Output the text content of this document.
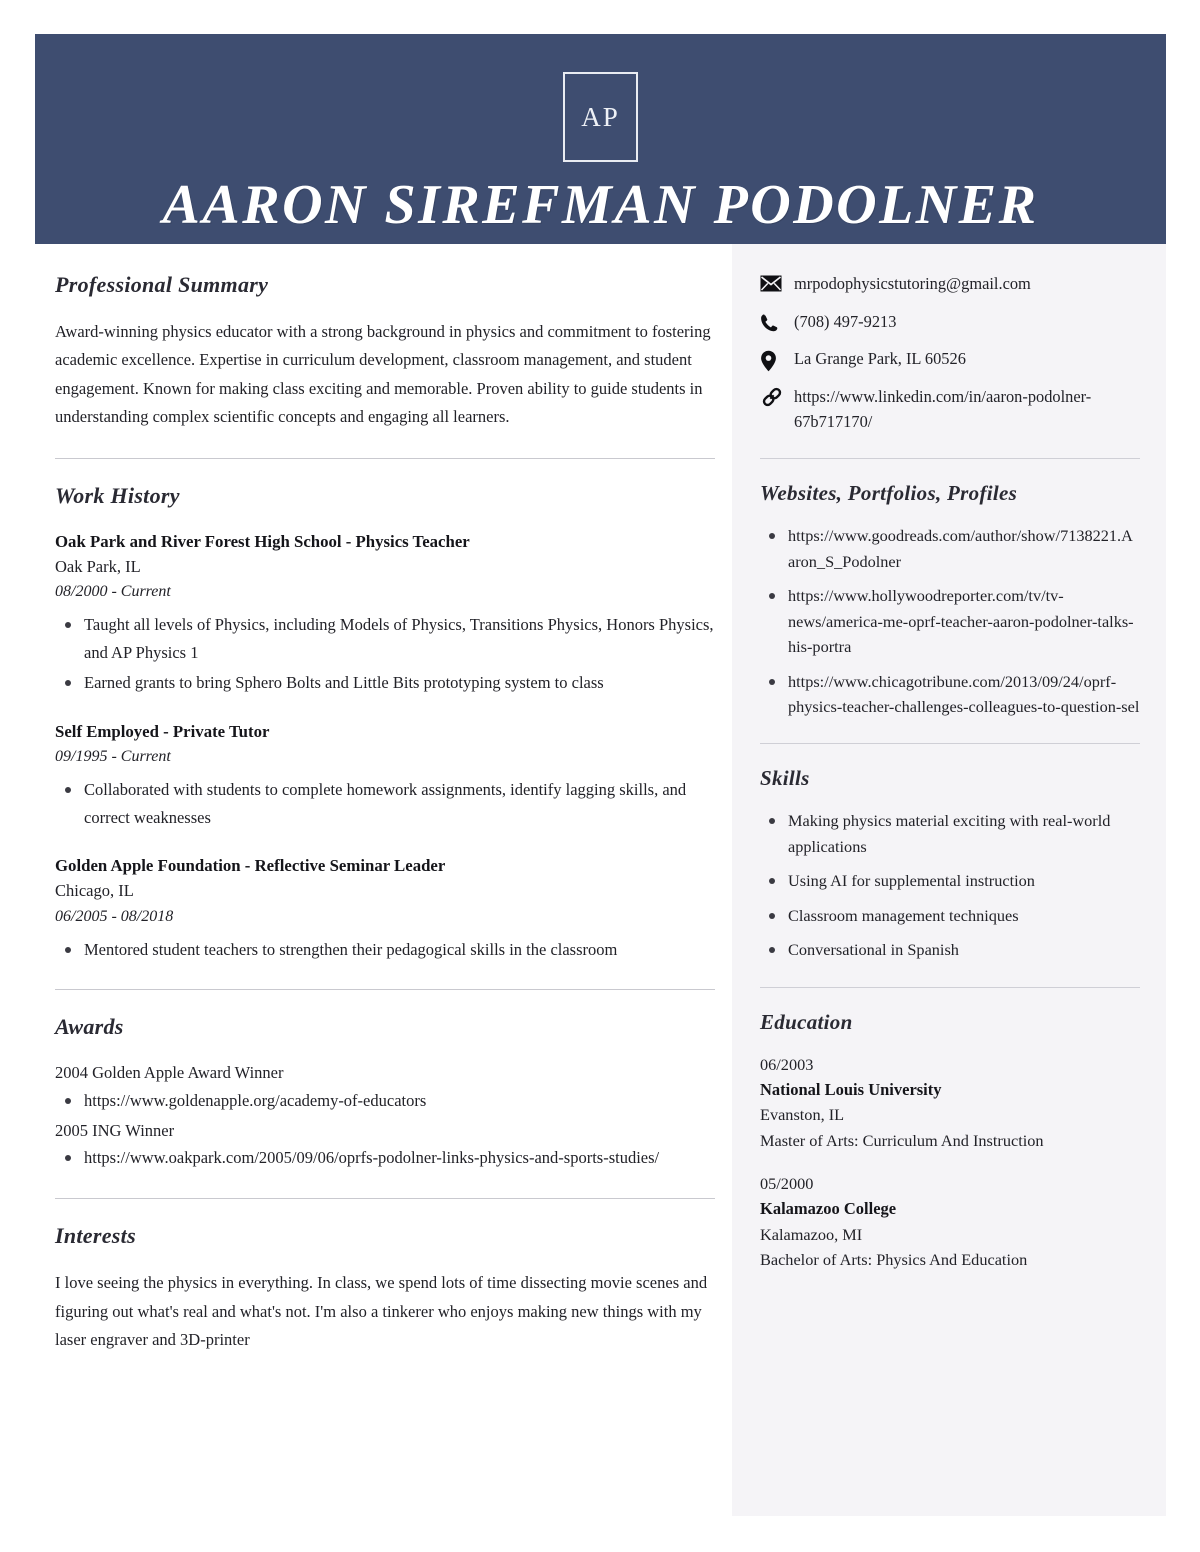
AP
AARON SIREFMAN PODOLNER
Professional Summary

Award-winning physics educator with a strong background in physics and commitment to fostering academic excellence. Expertise in curriculum development, classroom management, and student engagement. Known for making class exciting and memorable. Proven ability to guide students in understanding complex scientific concepts and engaging all learners.

Work History
Oak Park and River Forest High School - Physics Teacher
Oak Park, IL
08/2000 - Current
Taught all levels of Physics, including Models of Physics, Transitions Physics, Honors Physics, and AP Physics 1
Earned grants to bring Sphero Bolts and Little Bits prototyping system to class
Self Employed - Private Tutor
09/1995 - Current
Collaborated with students to complete homework assignments, identify lagging skills, and correct weaknesses
Golden Apple Foundation - Reflective Seminar Leader
Chicago, IL
06/2005 - 08/2018
Mentored student teachers to strengthen their pedagogical skills in the classroom
Awards
2004 Golden Apple Award Winner
https://www.goldenapple.org/academy-of-educators
2005 ING Winner
https://www.oakpark.com/2005/09/06/oprfs-podolner-links-physics-and-sports-studies/
Interests

I love seeing the physics in everything. In class, we spend lots of time dissecting movie scenes and figuring out what's real and what's not. I'm also a tinkerer who enjoys making new things with my laser engraver and 3D-printer

mrpodophysicstutoring@gmail.com
(708) 497-9213
La Grange Park, IL 60526
https://www.linkedin.com/in/aaron-podolner-67b717170/
Websites, Portfolios, Profiles
https://www.goodreads.com/author/show/7138221.Aaron_S_Podolner
https://www.hollywoodreporter.com/tv/tv-news/america-me-oprf-teacher-aaron-podolner-talks-his-portra
https://www.chicagotribune.com/2013/09/24/oprf-physics-teacher-challenges-colleagues-to-question-sel
Skills
Making physics material exciting with real-world applications
Using AI for supplemental instruction
Classroom management techniques
Conversational in Spanish
Education
06/2003
National Louis University
Evanston, IL
Master of Arts: Curriculum And Instruction
05/2000
Kalamazoo College
Kalamazoo, MI
Bachelor of Arts: Physics And Education
